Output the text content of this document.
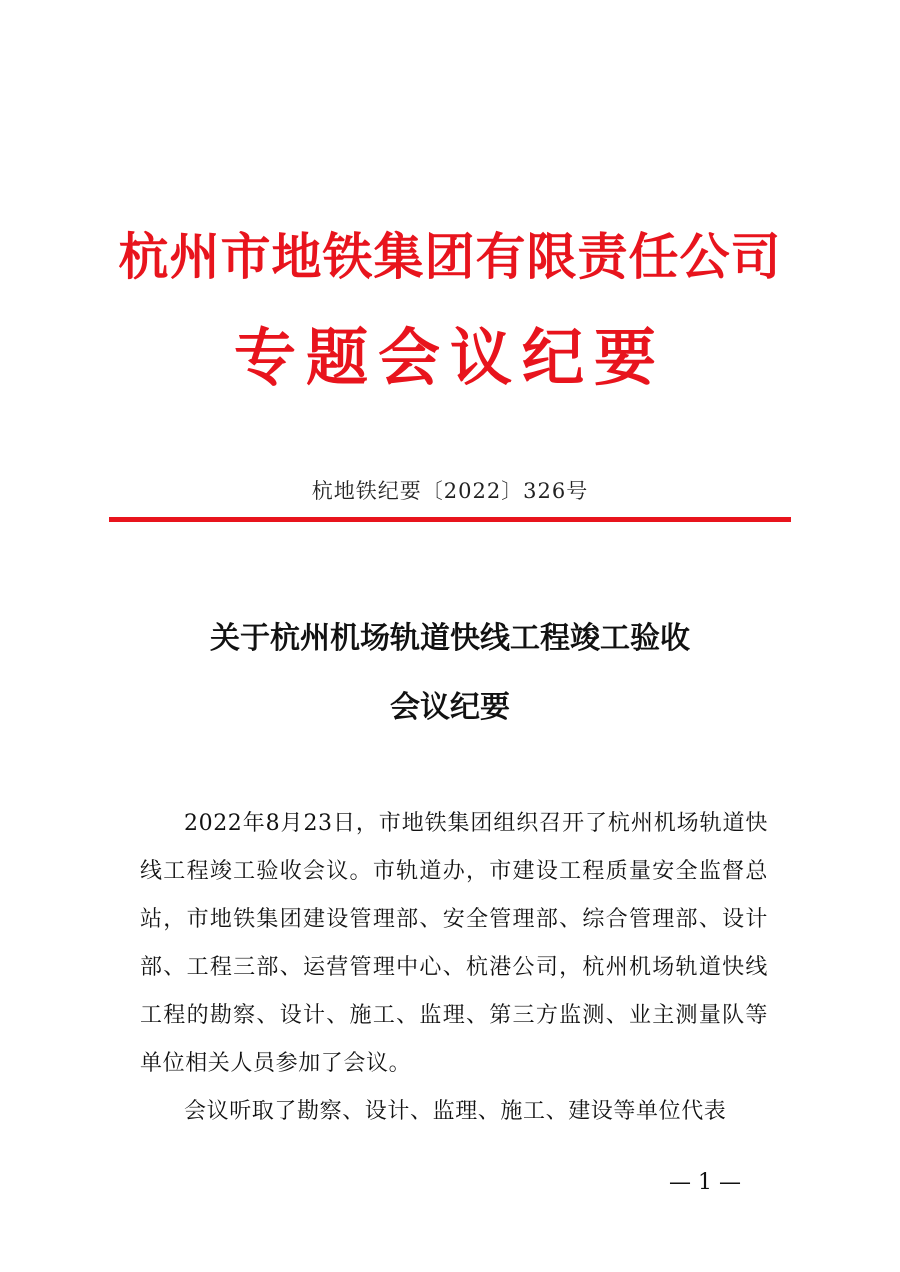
杭州市地铁集团有限责任公司
专题会议纪要
杭地铁纪要〔2022〕326号
关于杭州机场轨道快线工程竣工验收
会议纪要

2022年8月23日，市地铁集团组织召开了杭州机场轨道快线工程竣工验收会议。市轨道办，市建设工程质量安全监督总站，市地铁集团建设管理部、安全管理部、综合管理部、设计部、工程三部、运营管理中心、杭港公司，杭州机场轨道快线工程的勘察、设计、施工、监理、第三方监测、业主测量队等单位相关人员参加了会议。

会议听取了勘察、设计、监理、施工、建设等单位代表

— 1 —
